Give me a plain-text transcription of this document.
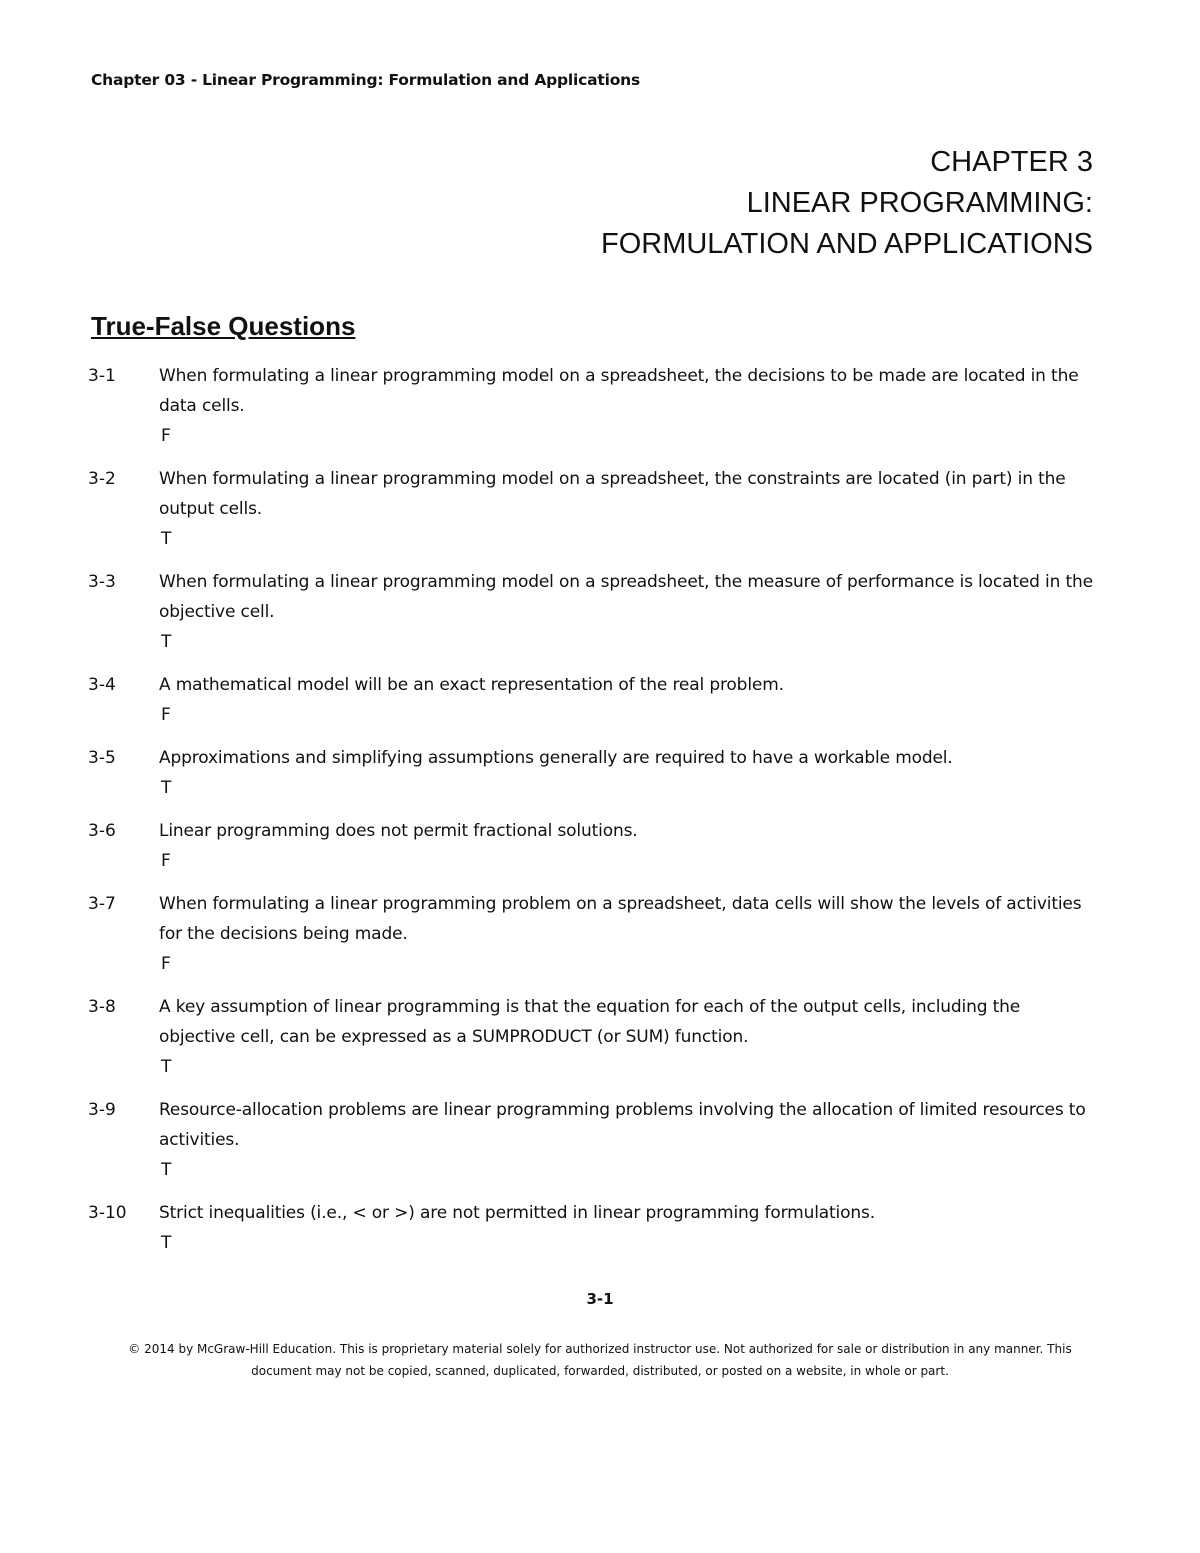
Chapter 03 - Linear Programming: Formulation and Applications
CHAPTER 3
LINEAR PROGRAMMING:
FORMULATION AND APPLICATIONS
True-False Questions
3-1	When formulating a linear programming model on a spreadsheet, the decisions to be made are located in the data cells.
F
3-2	When formulating a linear programming model on a spreadsheet, the constraints are located (in part) in the output cells.
T
3-3	When formulating a linear programming model on a spreadsheet, the measure of performance is located in the objective cell.
T
3-4	A mathematical model will be an exact representation of the real problem.
F
3-5	Approximations and simplifying assumptions generally are required to have a workable model.
T
3-6	Linear programming does not permit fractional solutions.
F
3-7	When formulating a linear programming problem on a spreadsheet, data cells will show the levels of activities for the decisions being made.
F
3-8	A key assumption of linear programming is that the equation for each of the output cells, including the objective cell, can be expressed as a SUMPRODUCT (or SUM) function.
T
3-9	Resource-allocation problems are linear programming problems involving the allocation of limited resources to activities.
T
3-10	Strict inequalities (i.e., < or >) are not permitted in linear programming formulations.
T
3-1
© 2014 by McGraw-Hill Education. This is proprietary material solely for authorized instructor use. Not authorized for sale or distribution in any manner. This
document may not be copied, scanned, duplicated, forwarded, distributed, or posted on a website, in whole or part.
